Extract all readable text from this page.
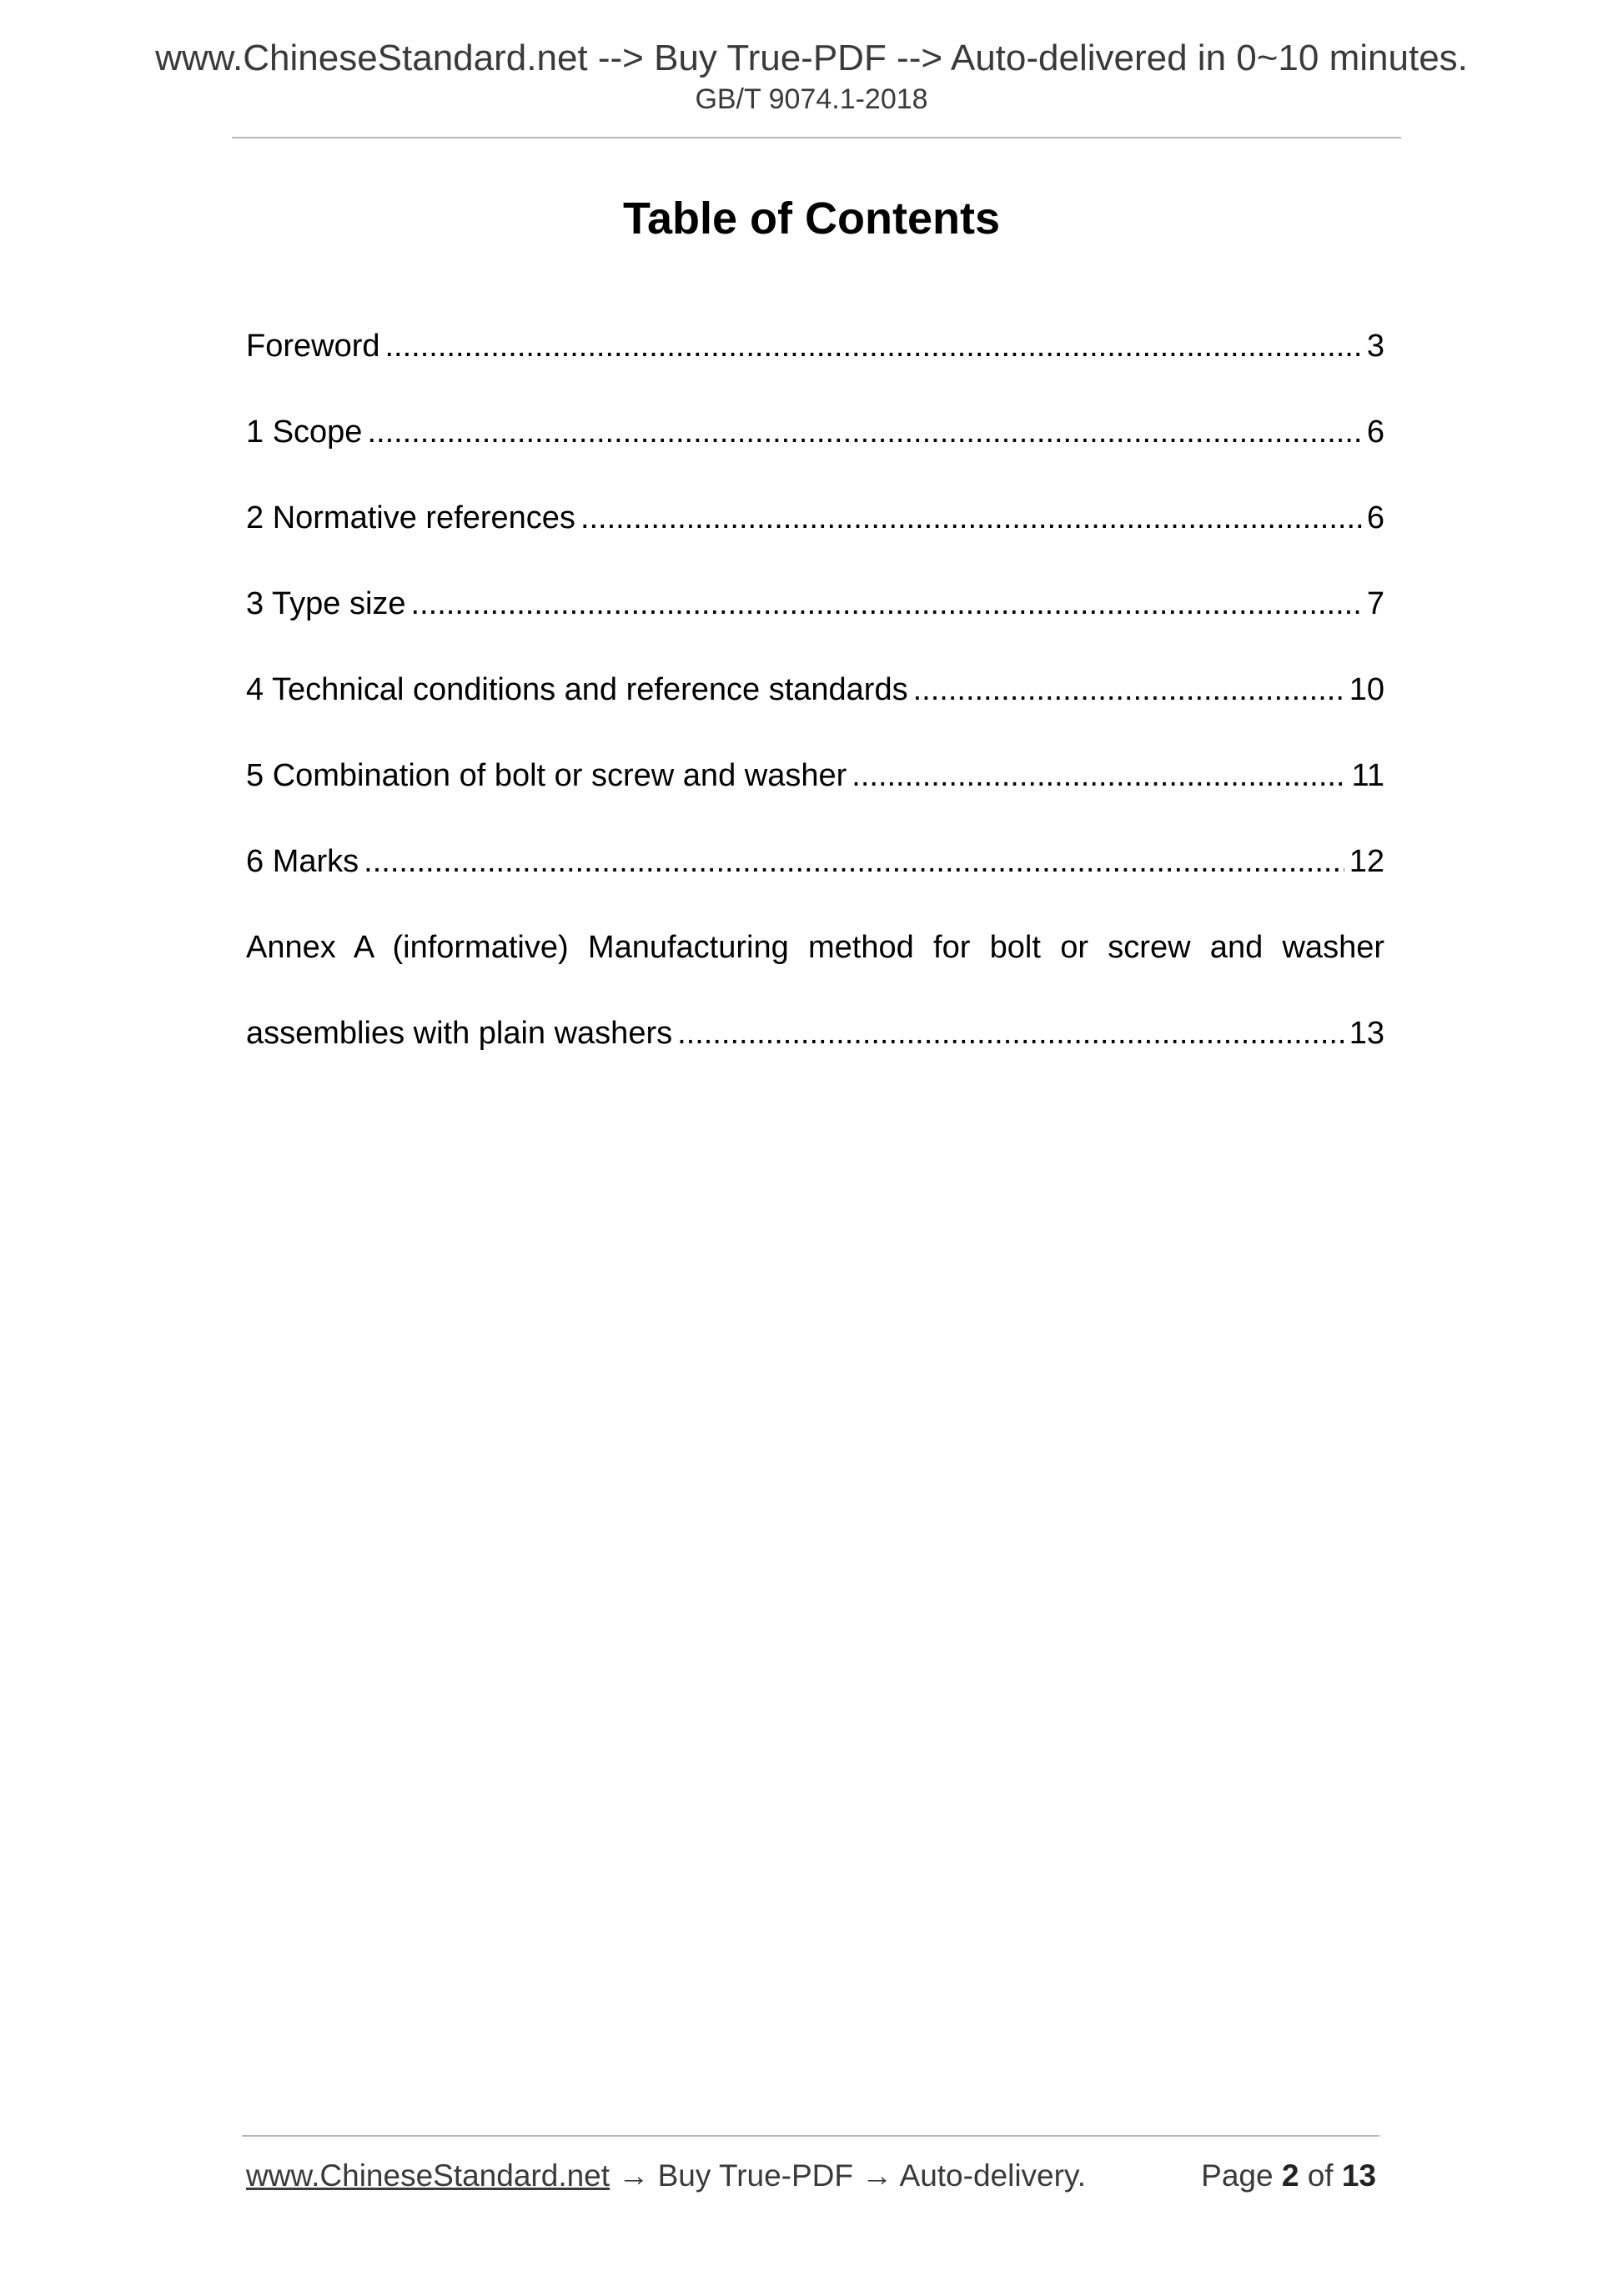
www.ChineseStandard.net --> Buy True-PDF --> Auto-delivered in 0~10 minutes.
GB/T 9074.1-2018
Table of Contents
Foreword .....	3
1 Scope .....	6
2 Normative references .....	6
3 Type size .....	7
4 Technical conditions and reference standards .....	10
5 Combination of bolt or screw and washer .....	11
6 Marks .....	12
Annex A (informative) Manufacturing method for bolt or screw and washer
assemblies with plain washers .....	13
www.ChineseStandard.net → Buy True-PDF → Auto-delivery.	Page 2 of 13
